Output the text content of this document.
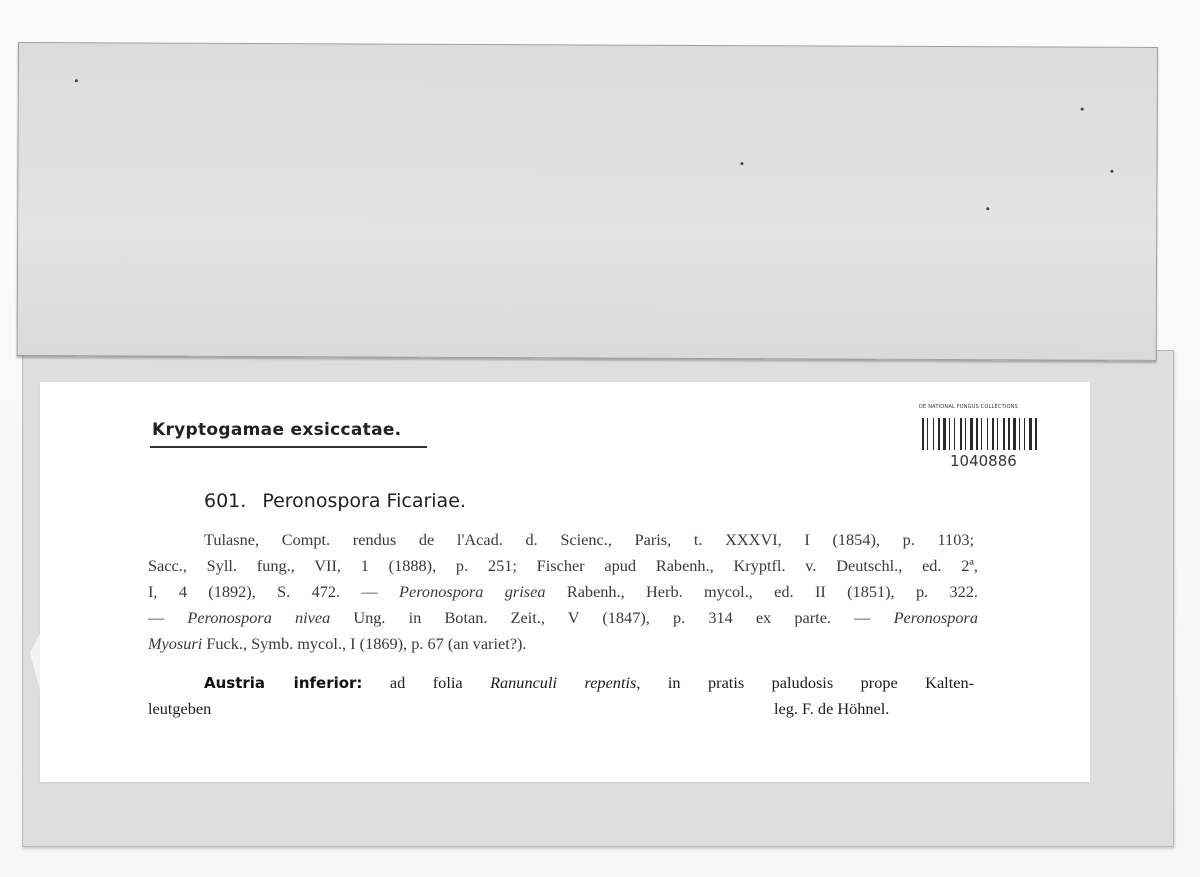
Kryptogamae exsiccatae.
DE NATIONAL FUNGUS COLLECTIONS
1040886
601. Peronospora Ficariae.
Tulasne, Compt. rendus de l'Acad. d. Scienc., Paris, t. XXXVI, I (1854), p. 1103;
Sacc., Syll. fung., VII, 1 (1888), p. 251; Fischer apud Rabenh., Kryptfl. v. Deutschl., ed. 2ª,
I, 4 (1892), S. 472. — Peronospora grisea Rabenh., Herb. mycol., ed. II (1851), p. 322.
— Peronospora nivea Ung. in Botan. Zeit., V (1847), p. 314 ex parte. — Peronospora
Myosuri Fuck., Symb. mycol., I (1869), p. 67 (an variet?).
Austria inferior: ad folia Ranunculi repentis, in pratis paludosis prope Kalten-
leutgeben	leg. F. de Höhnel.
